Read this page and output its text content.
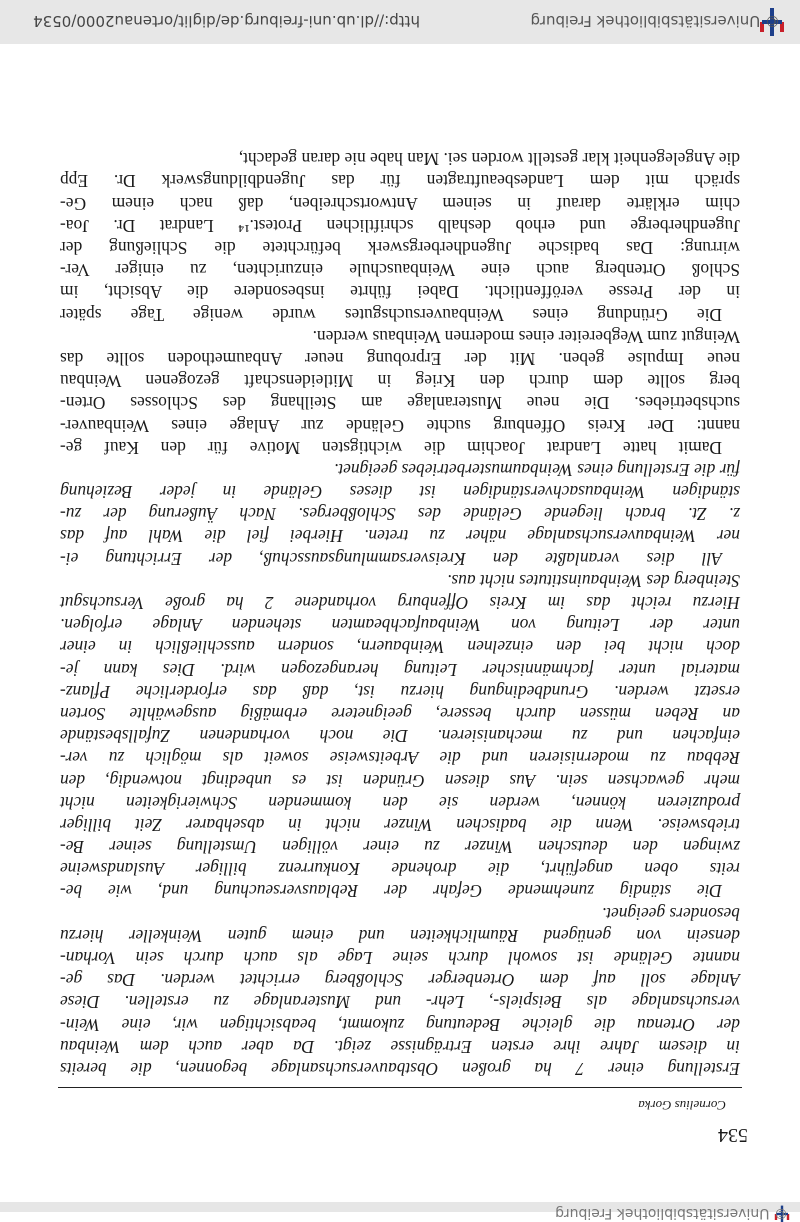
© Universitätsbibliothek Freiburg
534
Cornelius Gorka
Erstellung einer 7 ha großen Obstbauversuchsanlage begonnen, die bereits
in diesem Jahre ihre ersten Erträgnisse zeigt. Da aber auch dem Weinbau
der Ortenau die gleiche Bedeutung zukommt, beabsichtigen wir, eine Wein-
versuchsanlage als Beispiels-, Lehr- und Musteranlage zu erstellen. Diese
Anlage soll auf dem Ortenberger Schloßberg errichtet werden. Das ge-
nannte Gelände ist sowohl durch seine Lage als auch durch sein Vorhan-
densein von genügend Räumlichkeiten und einem guten Weinkeller hierzu
besonders geeignet.
Die ständig zunehmende Gefahr der Reblausverseuchung und, wie be-
reits oben angeführt, die drohende Konkurrenz billiger Auslandsweine
zwingen den deutschen Winzer zu einer völligen Umstellung seiner Be-
triebsweise. Wenn die badischen Winzer nicht in absehbarer Zeit billiger
produzieren können, werden sie den kommenden Schwierigkeiten nicht
mehr gewachsen sein. Aus diesen Gründen ist es unbedingt notwendig, den
Rebbau zu modernisieren und die Arbeitsweise soweit als möglich zu ver-
einfachen und zu mechanisieren. Die noch vorhandenen Zufallsbestände
an Reben müssen durch bessere, geeignetere erbmäßig ausgewählte Sorten
ersetzt werden. Grundbedingung hierzu ist, daß das erforderliche Pflanz-
material unter fachmännischer Leitung herangezogen wird. Dies kann je-
doch nicht bei den einzelnen Weinbauern, sondern ausschließlich in einer
unter der Leitung von Weinbaufachbeamten stehenden Anlage erfolgen.
Hierzu reicht das im Kreis Offenburg vorhandene 2 ha große Versuchsgut
Steinberg des Weinbauinstitutes nicht aus.
All dies veranlaßte den Kreisversammlungsausschuß, der Errichtung ei-
ner Weinbauversuchsanlage näher zu treten. Hierbei fiel die Wahl auf das
z. Zt. brach liegende Gelände des Schloßberges. Nach Äußerung der zu-
ständigen Weinbausachverständigen ist dieses Gelände in jeder Beziehung
für die Erstellung eines Weinbaumusterbetriebes geeignet.
Damit hatte Landrat Joachim die wichtigsten Motive für den Kauf ge-
nannt: Der Kreis Offenburg suchte Gelände zur Anlage eines Weinbauver-
suchsbetriebes. Die neue Musteranlage am Steilhang des Schlosses Orten-
berg sollte dem durch den Krieg in Mitleidenschaft gezogenen Weinbau
neue Impulse geben. Mit der Erprobung neuer Anbaumethoden sollte das
Weingut zum Wegbereiter eines modernen Weinbaus werden.
Die Gründung eines Weinbauversuchsgutes wurde wenige Tage später
in der Presse veröffentlicht. Dabei führte insbesondere die Absicht, im
Schloß Ortenberg auch eine Weinbauschule einzurichten, zu einiger Ver-
wirrung: Das badische Jugendherbergswerk befürchtete die Schließung der
Jugendherberge und erhob deshalb schriftlichen Protest.¹⁴ Landrat Dr. Joa-
chim erklärte darauf in seinem Antwortschreiben, daß nach einem Ge-
spräch mit dem Landesbeauftragten für das Jugendbildungswerk Dr. Epp
die Angelegenheit klar gestellt worden sei. Man habe nie daran gedacht,
© Universitätsbibliothek Freiburg
http://dl.ub.uni-freiburg.de/diglit/ortenau2000/0534
